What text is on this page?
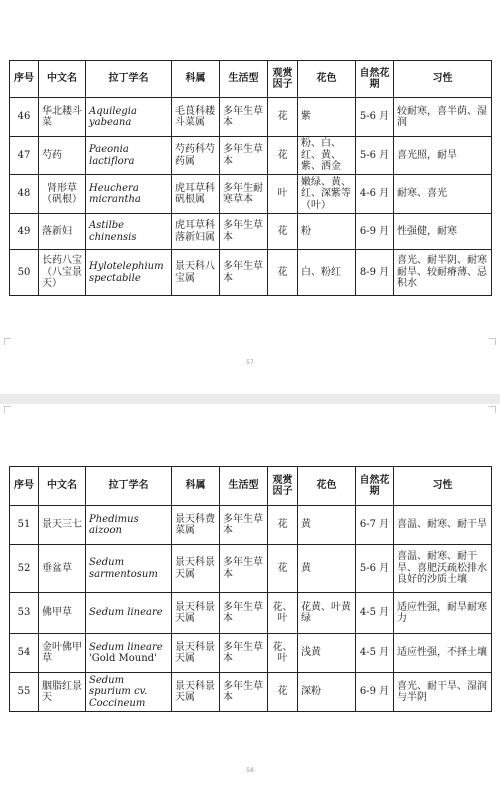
序号	中文名	拉丁学名	科属	生活型	观赏因子	花色	自然花期	习性
46	华北耧斗菜	Aquilegia yabeana	毛茛科耧斗菜属	多年生草本	花	紫	5-6 月	较耐寒，喜半荫、湿润
47	芍药	Paeonia lactiflora	芍药科芍药属	多年生草本	花	粉、白、红、黄、紫、洒金	5-6 月	喜光照，耐旱
48	肾形草（矾根）	Heuchera micrantha	虎耳草科矾根属	多年生耐寒草本	叶	嫩绿、黄、红、深紫等（叶）	4-6 月	耐寒、喜光
49	落新妇	Astilbe chinensis	虎耳草科落新妇属	多年生草本	花	粉	6-9 月	性强健，耐寒
50	长药八宝（八宝景天）	Hylotelephium spectabile	景天科八宝属	多年生草本	花	白、粉红	8-9 月	喜光、耐半阴、耐寒耐旱、较耐瘠薄、忌积水
57
序号	中文名	拉丁学名	科属	生活型	观赏因子	花色	自然花期	习性
51	景天三七	Phedimus aizoon	景天科费菜属	多年生草本	花	黄	6-7 月	喜温、耐寒、耐干旱
52	垂盆草	Sedum sarmentosum	景天科景天属	多年生草本	花	黄	5-6 月	喜温、耐寒、耐干旱、喜肥沃疏松排水良好的沙质土壤
53	佛甲草	Sedum lineare	景天科景天属	多年生草本	花、叶	花黄、叶黄绿	4-5 月	适应性强，耐旱耐寒力
54	金叶佛甲草	Sedum lineare 'Gold Mound'	景天科景天属	多年生草本	花、叶	浅黄	4-5 月	适应性强，不择土壤
55	胭脂红景天	Sedum spurium cv. Coccineum	景天科景天属	多年生草本	花	深粉	6-9 月	喜光、耐干旱、湿润与半阴
58
